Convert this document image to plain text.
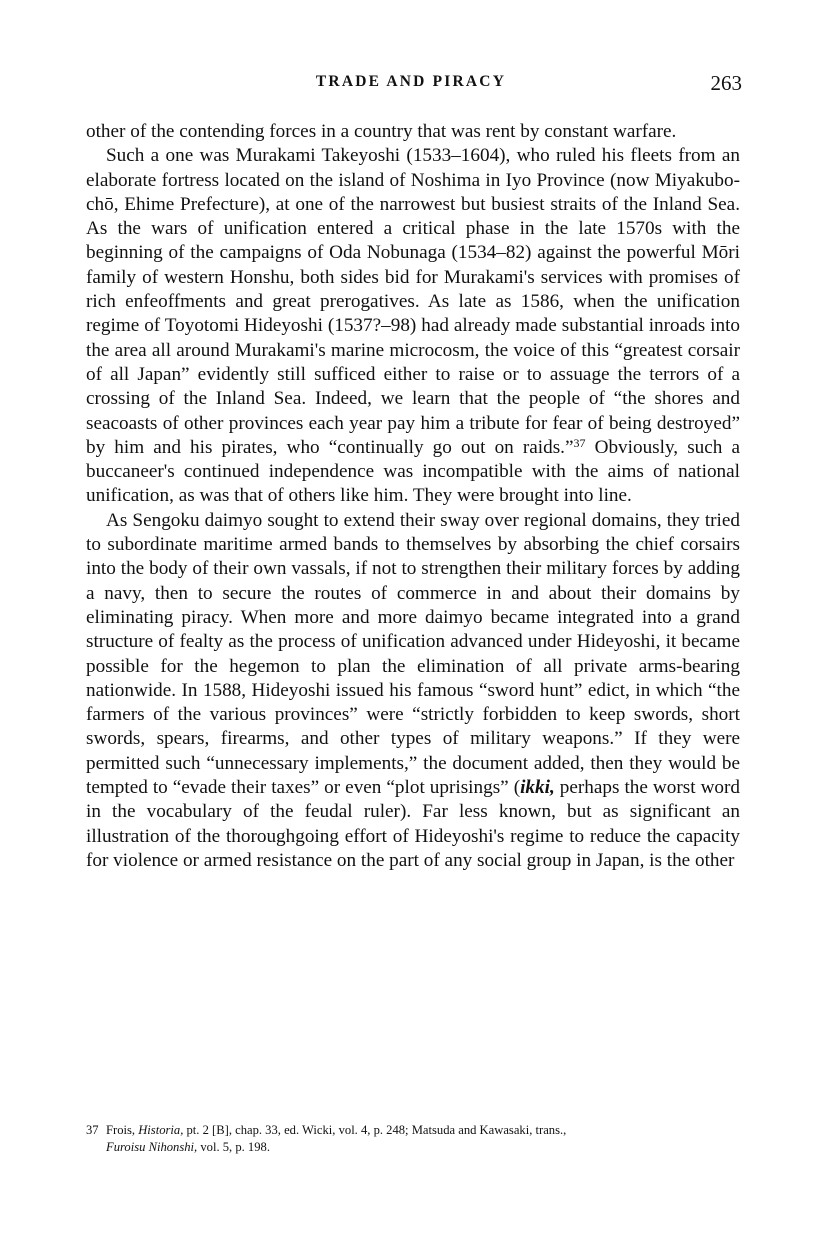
TRADE AND PIRACY	263

other of the contending forces in a country that was rent by constant warfare.

Such a one was Murakami Takeyoshi (1533–1604), who ruled his fleets from an elaborate fortress located on the island of Noshima in Iyo Province (now Miyakubo-chō, Ehime Prefecture), at one of the narrowest but busiest straits of the Inland Sea. As the wars of unification entered a critical phase in the late 1570s with the beginning of the campaigns of Oda Nobunaga (1534–82) against the powerful Mōri family of western Honshu, both sides bid for Murakami's services with promises of rich enfeoffments and great prerogatives. As late as 1586, when the unification regime of Toyotomi Hideyoshi (1537?–98) had already made substantial inroads into the area all around Murakami's marine microcosm, the voice of this “greatest corsair of all Japan” evidently still sufficed either to raise or to assuage the terrors of a crossing of the Inland Sea. Indeed, we learn that the people of “the shores and seacoasts of other provinces each year pay him a tribute for fear of being destroyed” by him and his pirates, who “continually go out on raids.”$^{37}$ Obviously, such a buccaneer's continued independence was incompatible with the aims of national unification, as was that of others like him. They were brought into line.

As Sengoku daimyo sought to extend their sway over regional domains, they tried to subordinate maritime armed bands to themselves by absorbing the chief corsairs into the body of their own vassals, if not to strengthen their military forces by adding a navy, then to secure the routes of commerce in and about their domains by eliminating piracy. When more and more daimyo became integrated into a grand structure of fealty as the process of unification advanced under Hideyoshi, it became possible for the hegemon to plan the elimination of all private arms-bearing nationwide. In 1588, Hideyoshi issued his famous “sword hunt” edict, in which “the farmers of the various provinces” were “strictly forbidden to keep swords, short swords, spears, firearms, and other types of military weapons.” If they were permitted such “unnecessary implements,” the document added, then they would be tempted to “evade their taxes” or even “plot uprisings” (ikki, perhaps the worst word in the vocabulary of the feudal ruler). Far less known, but as significant an illustration of the thoroughgoing effort of Hideyoshi's regime to reduce the capacity for violence or armed resistance on the part of any social group in Japan, is the other

37 Frois, Historia, pt. 2 [B], chap. 33, ed. Wicki, vol. 4, p. 248; Matsuda and Kawasaki, trans.,
Furoisu Nihonshi, vol. 5, p. 198.
